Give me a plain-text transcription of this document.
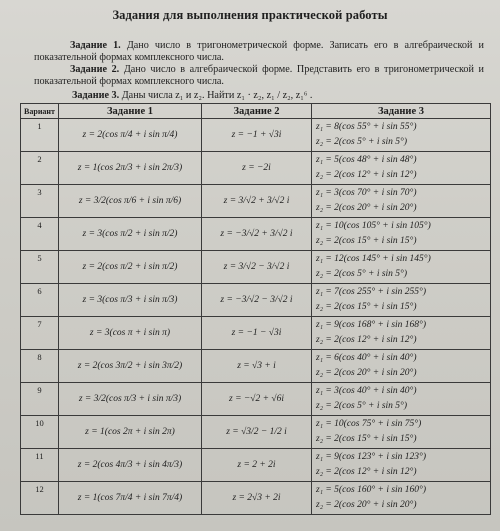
Задания для выполнения практической работы
Задание 1. Дано число в тригонометрической форме. Записать его в алгебраической и показательной формах комплексного числа.
Задание 2. Дано число в алгебраической форме. Представить его в тригонометрической и показательной формах комплексного числа.
Задание 3. Даны числа z₁ и z₂. Найти z₁ · z₂, z₁ / z₂, z₁⁶ .
Вариант	Задание 1	Задание 2	Задание 3
1	z = 2(cos π/4 + i sin π/4)	z = −1 + √3i	z₁ = 8(cos 55° + i sin 55°)
z₂ = 2(cos 5° + i sin 5°)

2	z = 1(cos 2π/3 + i sin 2π/3)	z = −2i	z₁ = 5(cos 48° + i sin 48°)
z₂ = 2(cos 12° + i sin 12°)

3	z = 3/2(cos π/6 + i sin π/6)	z = 3/√2 + 3/√2 i	z₁ = 3(cos 70° + i sin 70°)
z₂ = 2(cos 20° + i sin 20°)

4	z = 3(cos π/2 + i sin π/2)	z = −3/√2 + 3/√2 i	z₁ = 10(cos 105° + i sin 105°)
z₂ = 2(cos 15° + i sin 15°)

5	z = 2(cos π/2 + i sin π/2)	z = 3/√2 − 3/√2 i	z₁ = 12(cos 145° + i sin 145°)
z₂ = 2(cos 5° + i sin 5°)

6	z = 3(cos π/3 + i sin π/3)	z = −3/√2 − 3/√2 i	z₁ = 7(cos 255° + i sin 255°)
z₂ = 2(cos 15° + i sin 15°)

7	z = 3(cos π + i sin π)	z = −1 − √3i	z₁ = 9(cos 168° + i sin 168°)
z₂ = 2(cos 12° + i sin 12°)

8	z = 2(cos 3π/2 + i sin 3π/2)	z = √3 + i	z₁ = 6(cos 40° + i sin 40°)
z₂ = 2(cos 20° + i sin 20°)

9	z = 3/2(cos π/3 + i sin π/3)	z = −√2 + √6i	z₁ = 3(cos 40° + i sin 40°)
z₂ = 2(cos 5° + i sin 5°)

10	z = 1(cos 2π + i sin 2π)	z = √3/2 − 1/2 i	z₁ = 10(cos 75° + i sin 75°)
z₂ = 2(cos 15° + i sin 15°)

11	z = 2(cos 4π/3 + i sin 4π/3)	z = 2 + 2i	z₁ = 9(cos 123° + i sin 123°)
z₂ = 2(cos 12° + i sin 12°)

12	z = 1(cos 7π/4 + i sin 7π/4)	z = 2√3 + 2i	z₁ = 5(cos 160° + i sin 160°)
z₂ = 2(cos 20° + i sin 20°)
